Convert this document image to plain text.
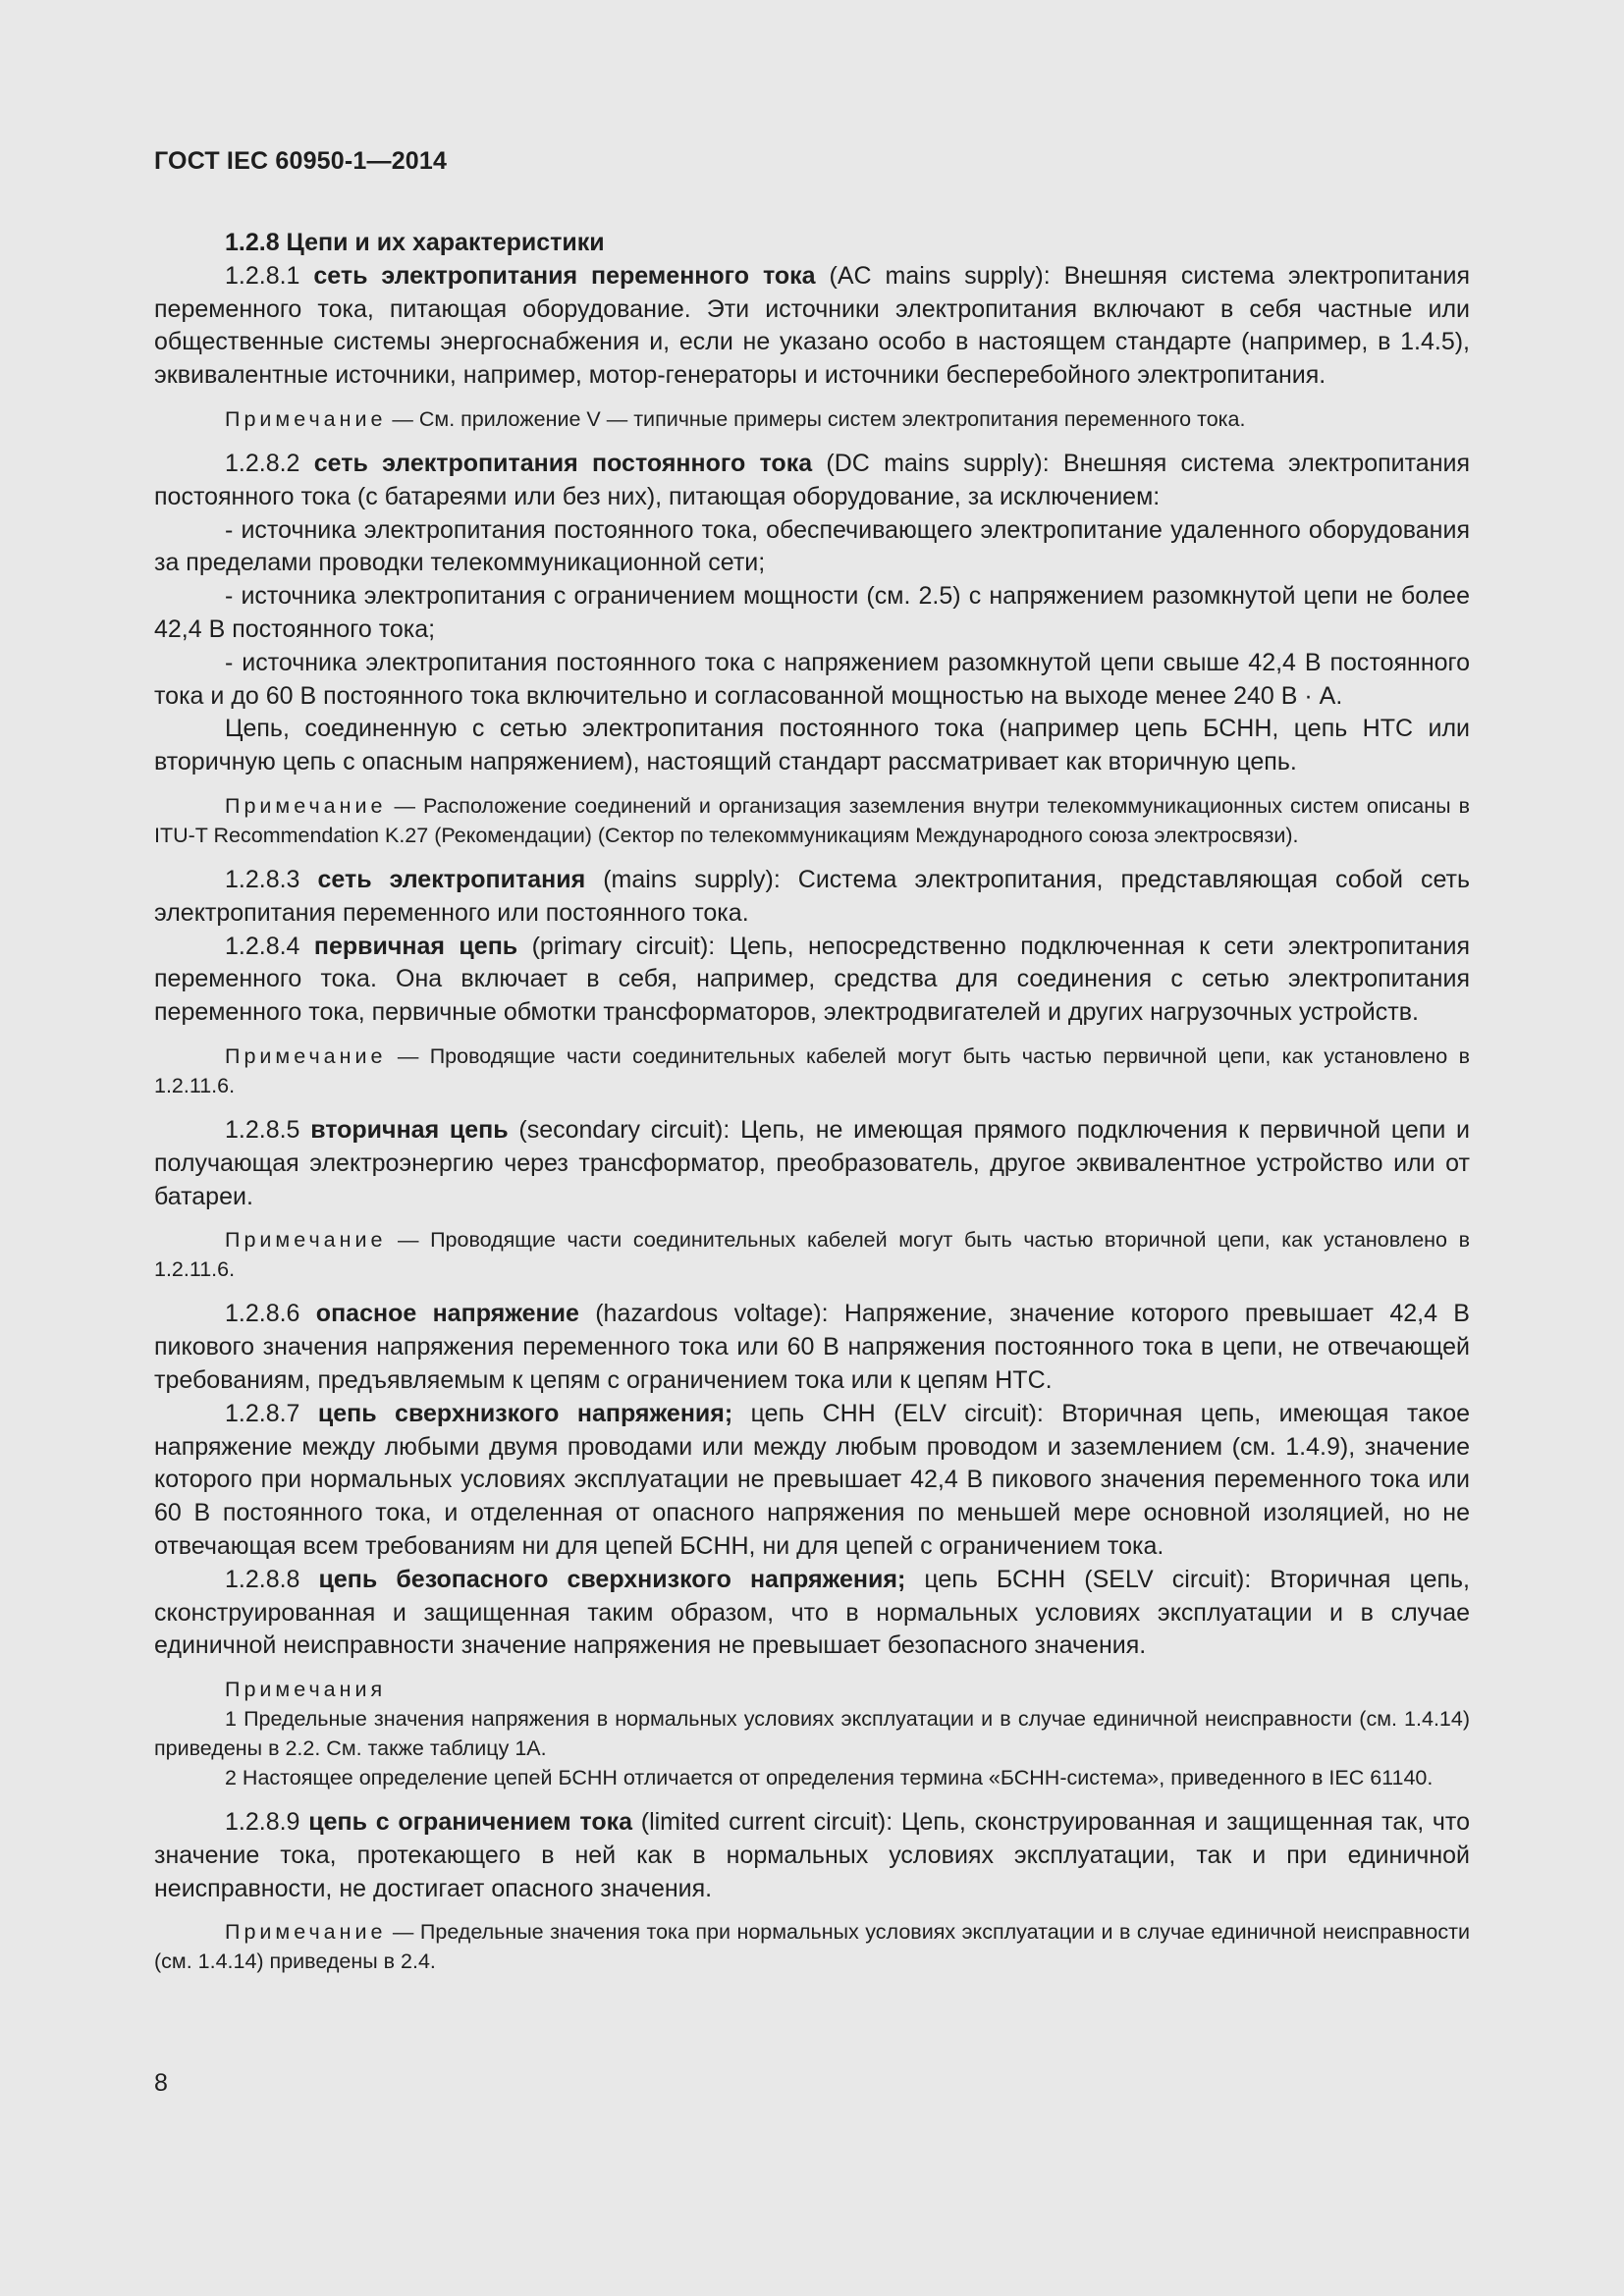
ГОСТ IEC 60950-1—2014

1.2.8 Цепи и их характеристики

1.2.8.1 сеть электропитания переменного тока (AC mains supply): Внешняя система электропитания переменного тока, питающая оборудование. Эти источники электропитания включают в себя частные или общественные системы энергоснабжения и, если не указано особо в настоящем стандарте (например, в 1.4.5), эквивалентные источники, например, мотор-генераторы и источники бесперебойного электропитания.

Примечание — См. приложение V — типичные примеры систем электропитания переменного тока.

1.2.8.2 сеть электропитания постоянного тока (DC mains supply): Внешняя система электропитания постоянного тока (с батареями или без них), питающая оборудование, за исключением:

- источника электропитания постоянного тока, обеспечивающего электропитание удаленного оборудования за пределами проводки телекоммуникационной сети;

- источника электропитания с ограничением мощности (см. 2.5) с напряжением разомкнутой цепи не более 42,4 В постоянного тока;

- источника электропитания постоянного тока с напряжением разомкнутой цепи свыше 42,4 В постоянного тока и до 60 В постоянного тока включительно и согласованной мощностью на выходе менее 240 В · А.

Цепь, соединенную с сетью электропитания постоянного тока (например цепь БСНН, цепь НТС или вторичную цепь с опасным напряжением), настоящий стандарт рассматривает как вторичную цепь.

Примечание — Расположение соединений и организация заземления внутри телекоммуникационных систем описаны в ITU-T Recommendation K.27 (Рекомендации) (Сектор по телекоммуникациям Международного союза электросвязи).

1.2.8.3 сеть электропитания (mains supply): Система электропитания, представляющая собой сеть электропитания переменного или постоянного тока.

1.2.8.4 первичная цепь (primary circuit): Цепь, непосредственно подключенная к сети электропитания переменного тока. Она включает в себя, например, средства для соединения с сетью электропитания переменного тока, первичные обмотки трансформаторов, электродвигателей и других нагрузочных устройств.

Примечание — Проводящие части соединительных кабелей могут быть частью первичной цепи, как установлено в 1.2.11.6.

1.2.8.5 вторичная цепь (secondary circuit): Цепь, не имеющая прямого подключения к первичной цепи и получающая электроэнергию через трансформатор, преобразователь, другое эквивалентное устройство или от батареи.

Примечание — Проводящие части соединительных кабелей могут быть частью вторичной цепи, как установлено в 1.2.11.6.

1.2.8.6 опасное напряжение (hazardous voltage): Напряжение, значение которого превышает 42,4 В пикового значения напряжения переменного тока или 60 В напряжения постоянного тока в цепи, не отвечающей требованиям, предъявляемым к цепям с ограничением тока или к цепям НТС.

1.2.8.7 цепь сверхнизкого напряжения; цепь СНН (ELV circuit): Вторичная цепь, имеющая такое напряжение между любыми двумя проводами или между любым проводом и заземлением (см. 1.4.9), значение которого при нормальных условиях эксплуатации не превышает 42,4 В пикового значения переменного тока или 60 В постоянного тока, и отделенная от опасного напряжения по меньшей мере основной изоляцией, но не отвечающая всем требованиям ни для цепей БСНН, ни для цепей с ограничением тока.

1.2.8.8 цепь безопасного сверхнизкого напряжения; цепь БСНН (SELV circuit): Вторичная цепь, сконструированная и защищенная таким образом, что в нормальных условиях эксплуатации и в случае единичной неисправности значение напряжения не превышает безопасного значения.

Примечания

1 Предельные значения напряжения в нормальных условиях эксплуатации и в случае единичной неисправности (см. 1.4.14) приведены в 2.2. См. также таблицу 1А.

2 Настоящее определение цепей БСНН отличается от определения термина «БСНН-система», приведенного в IEC 61140.

1.2.8.9 цепь с ограничением тока (limited current circuit): Цепь, сконструированная и защищенная так, что значение тока, протекающего в ней как в нормальных условиях эксплуатации, так и при единичной неисправности, не достигает опасного значения.

Примечание — Предельные значения тока при нормальных условиях эксплуатации и в случае единичной неисправности (см. 1.4.14) приведены в 2.4.

8
